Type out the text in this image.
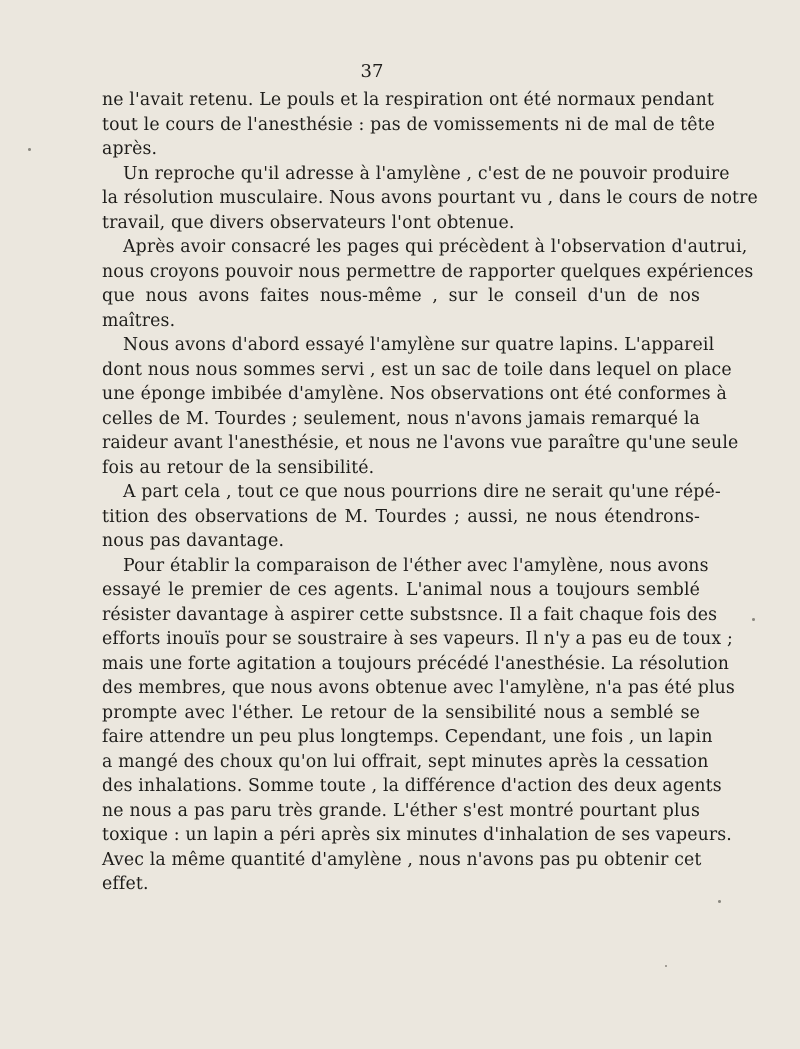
37
ne l'avait retenu. Le pouls et la respiration ont été normaux pendant
tout le cours de l'anesthésie : pas de vomissements ni de mal de tête
après.
Un reproche qu'il adresse à l'amylène , c'est de ne pouvoir produire
la résolution musculaire. Nous avons pourtant vu , dans le cours de notre
travail, que divers observateurs l'ont obtenue.
Après avoir consacré les pages qui précèdent à l'observation d'autrui,
nous croyons pouvoir nous permettre de rapporter quelques expériences
que nous avons faites nous-même , sur le conseil d'un de nos
maîtres.
Nous avons d'abord essayé l'amylène sur quatre lapins. L'appareil
dont nous nous sommes servi , est un sac de toile dans lequel on place
une éponge imbibée d'amylène. Nos observations ont été conformes à
celles de M. Tourdes ; seulement, nous n'avons jamais remarqué la
raideur avant l'anesthésie, et nous ne l'avons vue paraître qu'une seule
fois au retour de la sensibilité.
A part cela , tout ce que nous pourrions dire ne serait qu'une répé-
tition des observations de M. Tourdes ; aussi, ne nous étendrons-
nous pas davantage.
Pour établir la comparaison de l'éther avec l'amylène, nous avons
essayé le premier de ces agents. L'animal nous a toujours semblé
résister davantage à aspirer cette substsnce. Il a fait chaque fois des
efforts inouïs pour se soustraire à ses vapeurs. Il n'y a pas eu de toux ;
mais une forte agitation a toujours précédé l'anesthésie. La résolution
des membres, que nous avons obtenue avec l'amylène, n'a pas été plus
prompte avec l'éther. Le retour de la sensibilité nous a semblé se
faire attendre un peu plus longtemps. Cependant, une fois , un lapin
a mangé des choux qu'on lui offrait, sept minutes après la cessation
des inhalations. Somme toute , la différence d'action des deux agents
ne nous a pas paru très grande. L'éther s'est montré pourtant plus
toxique : un lapin a péri après six minutes d'inhalation de ses vapeurs.
Avec la même quantité d'amylène , nous n'avons pas pu obtenir cet
effet.
